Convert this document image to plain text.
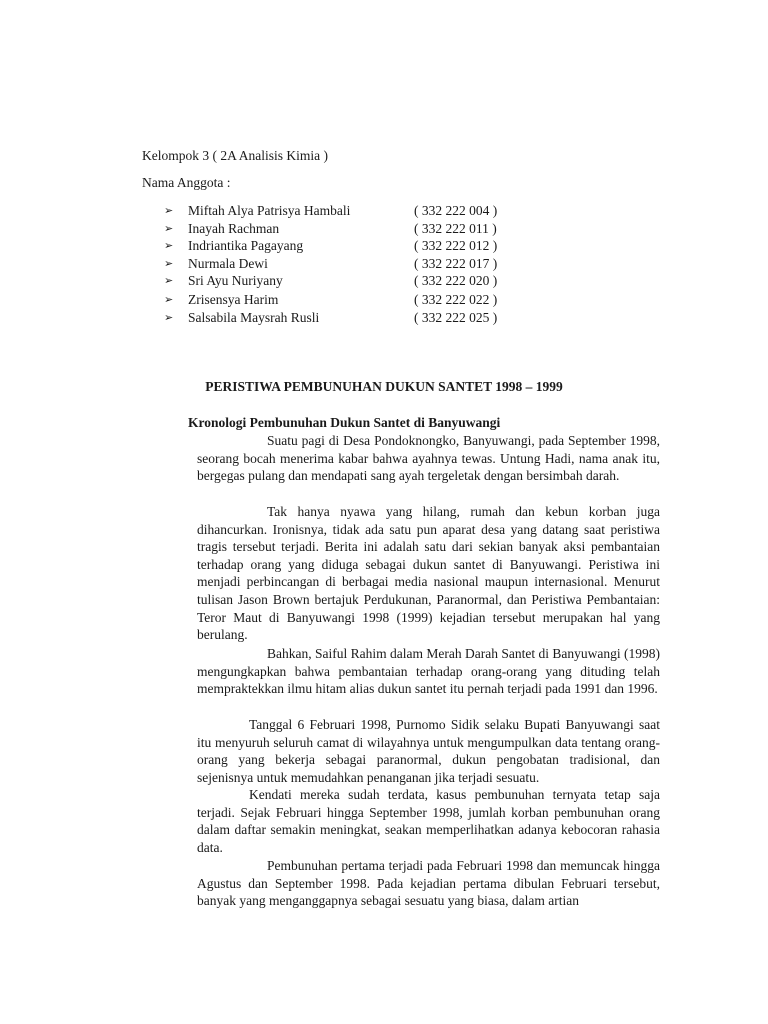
Kelompok 3 ( 2A Analisis Kimia )
Nama Anggota :
➢ Miftah Alya Patrisya Hambali	( 332 222 004 )
➢ Inayah Rachman	( 332 222 011 )
➢ Indriantika Pagayang	( 332 222 012 )
➢ Nurmala Dewi	( 332 222 017 )
➢ Sri Ayu Nuriyany	( 332 222 020 )
➢ Zrisensya Harim	( 332 222 022 )
➢ Salsabila Maysrah Rusli	( 332 222 025 )
PERISTIWA PEMBUNUHAN DUKUN SANTET 1998 – 1999
Kronologi Pembunuhan Dukun Santet di Banyuwangi

Suatu pagi di Desa Pondoknongko, Banyuwangi, pada September 1998, seorang bocah menerima kabar bahwa ayahnya tewas. Untung Hadi, nama anak itu, bergegas pulang dan mendapati sang ayah tergeletak dengan bersimbah darah.

Tak hanya nyawa yang hilang, rumah dan kebun korban juga dihancurkan. Ironisnya, tidak ada satu pun aparat desa yang datang saat peristiwa tragis tersebut terjadi. Berita ini adalah satu dari sekian banyak aksi pembantaian terhadap orang yang diduga sebagai dukun santet di Banyuwangi. Peristiwa ini menjadi perbincangan di berbagai media nasional maupun internasional. Menurut tulisan Jason Brown bertajuk Perdukunan, Paranormal, dan Peristiwa Pembantaian: Teror Maut di Banyuwangi 1998 (1999) kejadian tersebut merupakan hal yang berulang.

Bahkan, Saiful Rahim dalam Merah Darah Santet di Banyuwangi (1998) mengungkapkan bahwa pembantaian terhadap orang-orang yang dituding telah mempraktekkan ilmu hitam alias dukun santet itu pernah terjadi pada 1991 dan 1996.

Tanggal 6 Februari 1998, Purnomo Sidik selaku Bupati Banyuwangi saat itu menyuruh seluruh camat di wilayahnya untuk mengumpulkan data tentang orang-orang yang bekerja sebagai paranormal, dukun pengobatan tradisional, dan sejenisnya untuk memudahkan penanganan jika terjadi sesuatu.

Kendati mereka sudah terdata, kasus pembunuhan ternyata tetap saja terjadi. Sejak Februari hingga September 1998, jumlah korban pembunuhan orang dalam daftar semakin meningkat, seakan memperlihatkan adanya kebocoran rahasia data.

Pembunuhan pertama terjadi pada Februari 1998 dan memuncak hingga Agustus dan September 1998. Pada kejadian pertama dibulan Februari tersebut, banyak yang menganggapnya sebagai sesuatu yang biasa, dalam artian
